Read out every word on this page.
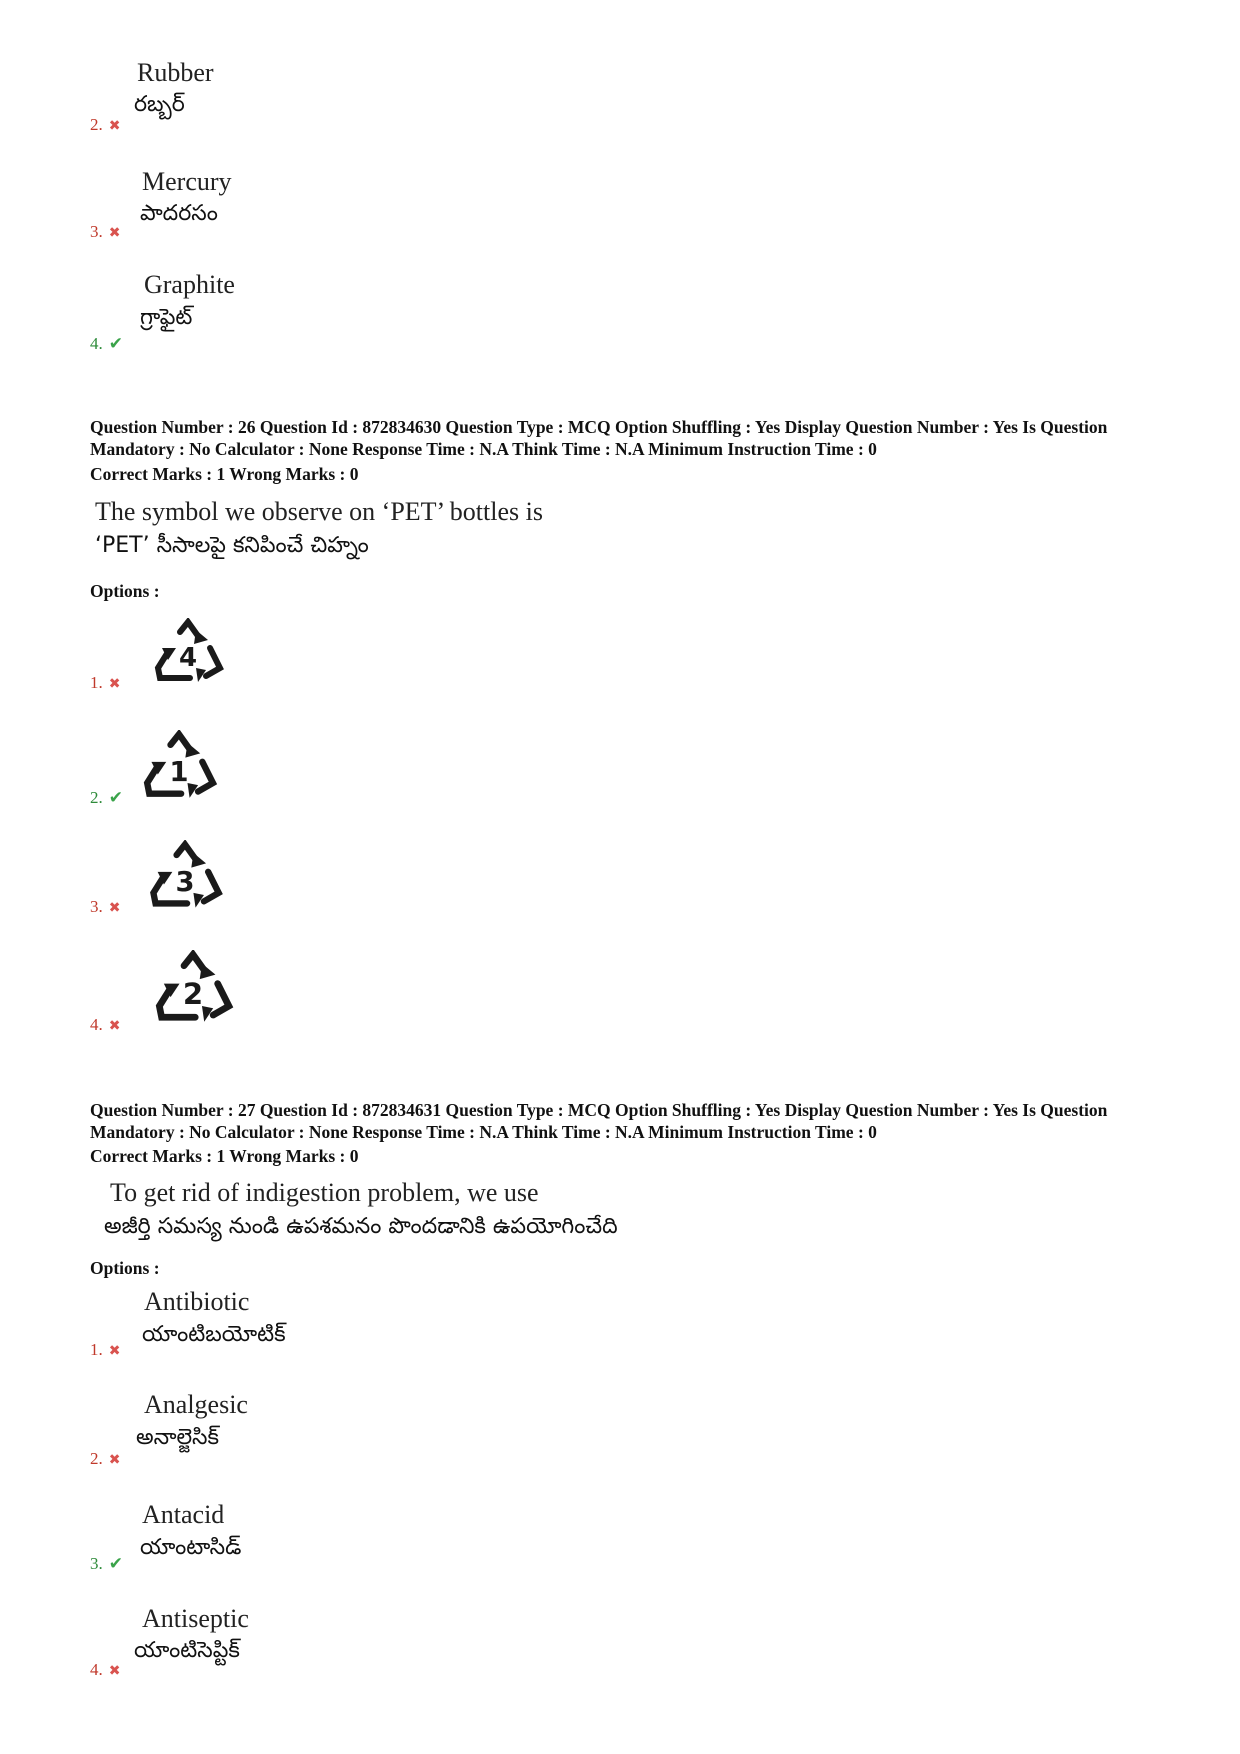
Rubber
రబ్బర్
2. ✖
Mercury
పాదరసం
3. ✖
Graphite
గ్రాఫైట్
4. ✔
Question Number : 26 Question Id : 872834630 Question Type : MCQ Option Shuffling : Yes Display Question Number : Yes Is Question Mandatory : No Calculator : None Response Time : N.A Think Time : N.A Minimum Instruction Time : 0
Correct Marks : 1 Wrong Marks : 0
The symbol we observe on ‘PET’ bottles is
‘PET’ సీసాలపై కనిపించే చిహ్నం
Options :
4
1. ✖
1
2. ✔
3
3. ✖
2
4. ✖
Question Number : 27 Question Id : 872834631 Question Type : MCQ Option Shuffling : Yes Display Question Number : Yes Is Question Mandatory : No Calculator : None Response Time : N.A Think Time : N.A Minimum Instruction Time : 0
Correct Marks : 1 Wrong Marks : 0
To get rid of indigestion problem, we use
అజీర్తి సమస్య నుండి ఉపశమనం పొందడానికి ఉపయోగించేది
Options :
Antibiotic
యాంటిబయోటిక్
1. ✖
Analgesic
అనాల్జెసిక్
2. ✖
Antacid
యాంటాసిడ్
3. ✔
Antiseptic
యాంటిసెప్టిక్
4. ✖
